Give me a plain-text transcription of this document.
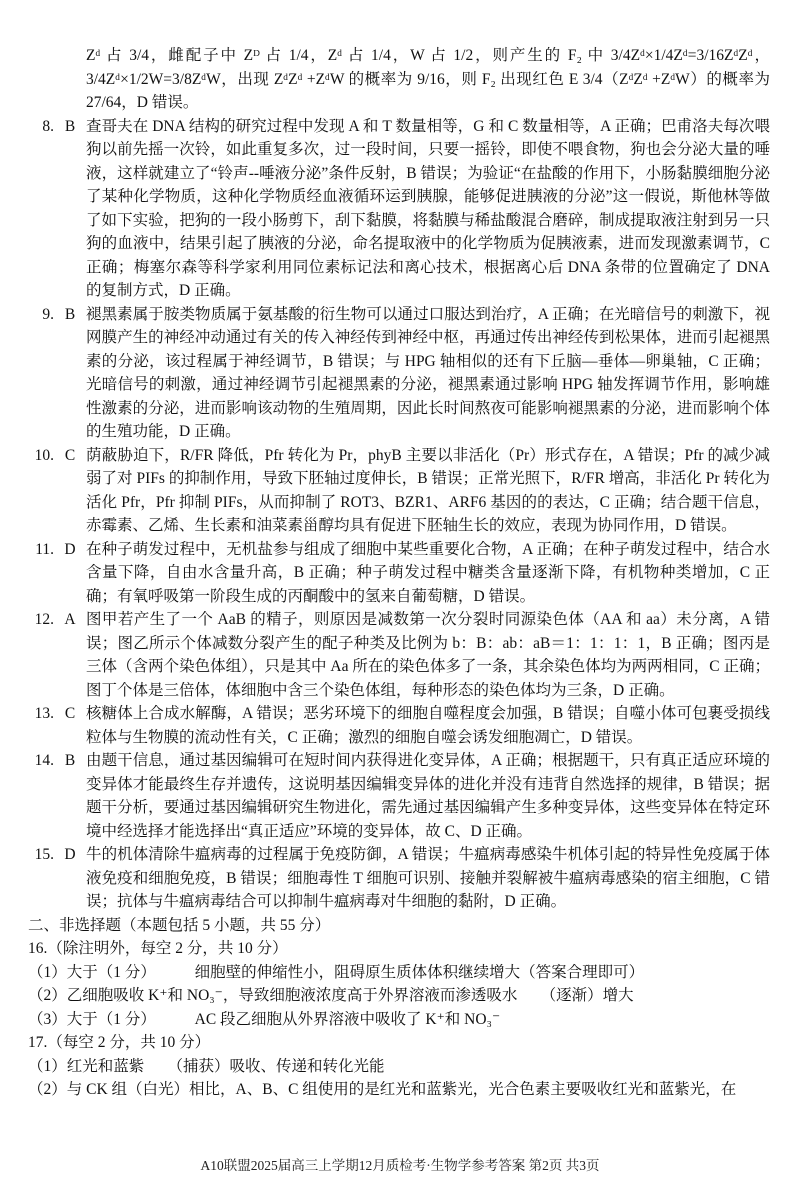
Zᵈ 占 3/4，雌配子中 Zᴰ 占 1/4，Zᵈ 占 1/4，W 占 1/2，则产生的 F₂ 中 3/4Zᵈ×1/4Zᵈ=3/16ZᵈZᵈ，3/4Zᵈ×1/2W=3/8ZᵈW，出现 ZᵈZᵈ +ZᵈW 的概率为 9/16，则 F₂ 出现红色 E 3/4（ZᵈZᵈ +ZᵈW）的概率为 27/64，D 错误。

8. B 查哥夫在 DNA 结构的研究过程中发现 A 和 T 数量相等，G 和 C 数量相等，A 正确；巴甫洛夫每次喂狗以前先摇一次铃，如此重复多次，过一段时间，只要一摇铃，即使不喂食物，狗也会分泌大量的唾液，这样就建立了“铃声--唾液分泌”条件反射，B 错误；为验证“在盐酸的作用下，小肠黏膜细胞分泌了某种化学物质，这种化学物质经血液循环运到胰腺，能够促进胰液的分泌”这一假说，斯他林等做了如下实验，把狗的一段小肠剪下，刮下黏膜，将黏膜与稀盐酸混合磨碎，制成提取液注射到另一只狗的血液中，结果引起了胰液的分泌，命名提取液中的化学物质为促胰液素，进而发现激素调节，C 正确；梅塞尔森等科学家利用同位素标记法和离心技术，根据离心后 DNA 条带的位置确定了 DNA 的复制方式，D 正确。
9. B 褪黑素属于胺类物质属于氨基酸的衍生物可以通过口服达到治疗，A 正确；在光暗信号的刺激下，视网膜产生的神经冲动通过有关的传入神经传到神经中枢，再通过传出神经传到松果体，进而引起褪黑素的分泌，该过程属于神经调节，B 错误；与 HPG 轴相似的还有下丘脑—垂体—卵巢轴，C 正确；光暗信号的刺激，通过神经调节引起褪黑素的分泌，褪黑素通过影响 HPG 轴发挥调节作用，影响雄性激素的分泌，进而影响该动物的生殖周期，因此长时间熬夜可能影响褪黑素的分泌，进而影响个体的生殖功能，D 正确。
10. C 荫蔽胁迫下，R/FR 降低，Pfr 转化为 Pr，phyB 主要以非活化（Pr）形式存在，A 错误；Pfr 的减少减弱了对 PIFs 的抑制作用，导致下胚轴过度伸长，B 错误；正常光照下，R/FR 增高，非活化 Pr 转化为活化 Pfr，Pfr 抑制 PIFs，从而抑制了 ROT3、BZR1、ARF6 基因的的表达，C 正确；结合题干信息，赤霉素、乙烯、生长素和油菜素甾醇均具有促进下胚轴生长的效应，表现为协同作用，D 错误。
11. D 在种子萌发过程中，无机盐参与组成了细胞中某些重要化合物，A 正确；在种子萌发过程中，结合水含量下降，自由水含量升高，B 正确；种子萌发过程中糖类含量逐渐下降，有机物种类增加，C 正确；有氧呼吸第一阶段生成的丙酮酸中的氢来自葡萄糖，D 错误。
12. A 图甲若产生了一个 AaB 的精子，则原因是减数第一次分裂时同源染色体（AA 和 aa）未分离，A 错误；图乙所示个体减数分裂产生的配子种类及比例为 b：B：ab：aB＝1：1：1：1，B 正确；图丙是三体（含两个染色体组），只是其中 Aa 所在的染色体多了一条，其余染色体均为两两相同，C 正确；图丁个体是三倍体，体细胞中含三个染色体组，每种形态的染色体均为三条，D 正确。
13. C 核糖体上合成水解酶，A 错误；恶劣环境下的细胞自噬程度会加强，B 错误；自噬小体可包裹受损线粒体与生物膜的流动性有关，C 正确；激烈的细胞自噬会诱发细胞凋亡，D 错误。
14. B 由题干信息，通过基因编辑可在短时间内获得进化变异体，A 正确；根据题干，只有真正适应环境的变异体才能最终生存并遗传，这说明基因编辑变异体的进化并没有违背自然选择的规律，B 错误；据题干分析，要通过基因编辑研究生物进化，需先通过基因编辑产生多种变异体，这些变异体在特定环境中经选择才能选择出“真正适应”环境的变异体，故 C、D 正确。
15. D 牛的机体清除牛瘟病毒的过程属于免疫防御，A 错误；牛瘟病毒感染牛机体引起的特异性免疫属于体液免疫和细胞免疫，B 错误；细胞毒性 T 细胞可识别、接触并裂解被牛瘟病毒感染的宿主细胞，C 错误；抗体与牛瘟病毒结合可以抑制牛瘟病毒对牛细胞的黏附，D 正确。
二、非选择题（本题包括 5 小题，共 55 分）
16.（除注明外，每空 2 分，共 10 分）
（1）大于（1 分）　　　细胞壁的伸缩性小，阻碍原生质体体积继续增大（答案合理即可）
（2）乙细胞吸收 K⁺和 NO₃⁻，导致细胞液浓度高于外界溶液而渗透吸水　　（逐渐）增大
（3）大于（1 分）　　　AC 段乙细胞从外界溶液中吸收了 K⁺和 NO₃⁻
17.（每空 2 分，共 10 分）
（1）红光和蓝紫　　（捕获）吸收、传递和转化光能
（2）与 CK 组（白光）相比，A、B、C 组使用的是红光和蓝紫光，光合色素主要吸收红光和蓝紫光，在
A10联盟2025届高三上学期12月质检考·生物学参考答案 第2页 共3页
